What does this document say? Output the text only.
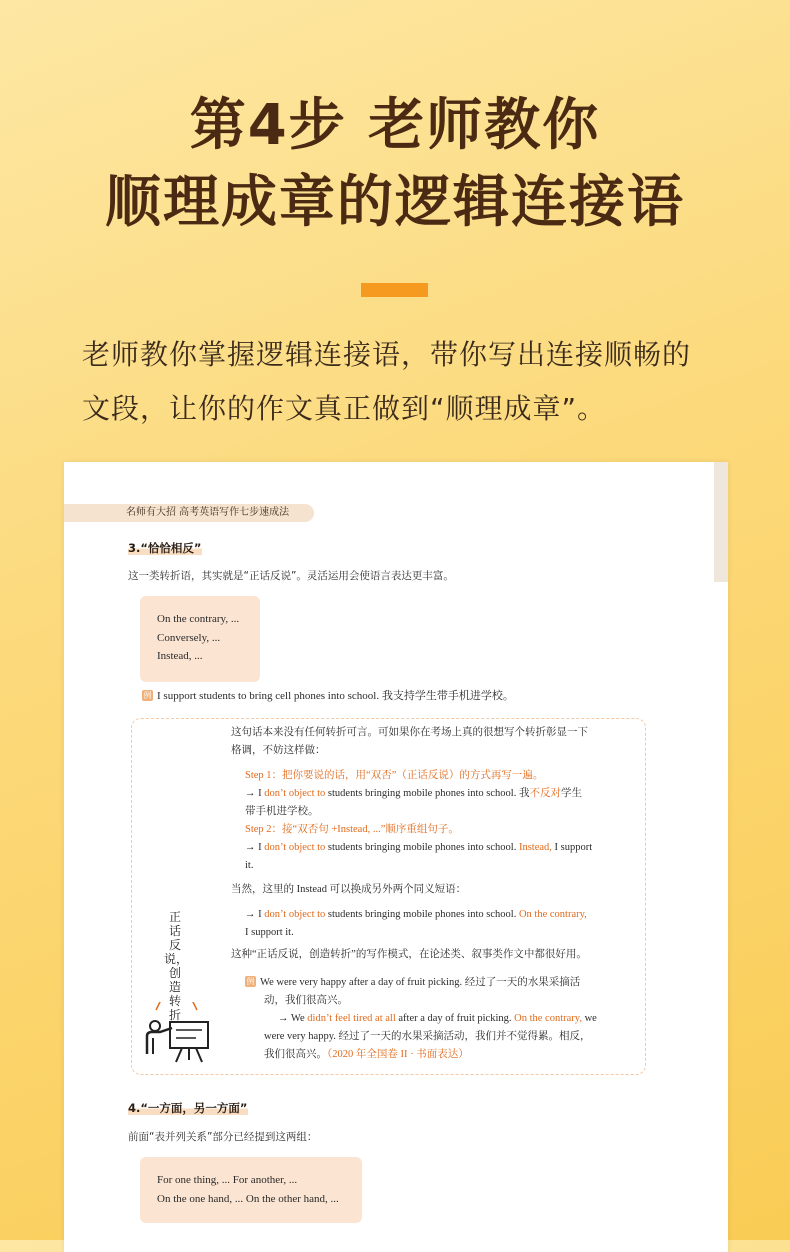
第4步 老师教你
顺理成章的逻辑连接语
老师教你掌握逻辑连接语，带你写出连接顺畅的
文段，让你的作文真正做到“顺理成章”。
名师有大招 高考英语写作七步速成法
3.“恰恰相反”
这一类转折语，其实就是“正话反说”。灵活运用会使语言表达更丰富。
On the contrary, ...
Conversely, ...
Instead, ...
例 I support students to bring cell phones into school. 我支持学生带手机进学校。
这句话本来没有任何转折可言。可如果你在考场上真的很想写个转折彰显一下
格调，不妨这样做：
Step 1：把你要说的话，用“双否”（正话反说）的方式再写一遍。
→ I don’t object to students bringing mobile phones into school. 我不反对学生
带手机进学校。
Step 2：接“双否句 +Instead, ...”顺序重组句子。
→ I don’t object to students bringing mobile phones into school. Instead, I support
it.
当然，这里的 Instead 可以换成另外两个同义短语：
→ I don’t object to students bringing mobile phones into school. On the contrary,
I support it.
这种“正话反说，创造转折”的写作模式，在论述类、叙事类作文中都很好用。
例 We were very happy after a day of fruit picking. 经过了一天的水果采摘活
动，我们很高兴。
→ We didn’t feel tired at all after a day of fruit picking. On the contrary, we
were very happy. 经过了一天的水果采摘活动，我们并不觉得累。相反，
我们很高兴。（2020 年全国卷 II · 书面表达）
正话反说，创造转折
4.“一方面，另一方面”
前面“表并列关系”部分已经提到这两组：
For one thing, ... For another, ...
On the one hand, ... On the other hand, ...
